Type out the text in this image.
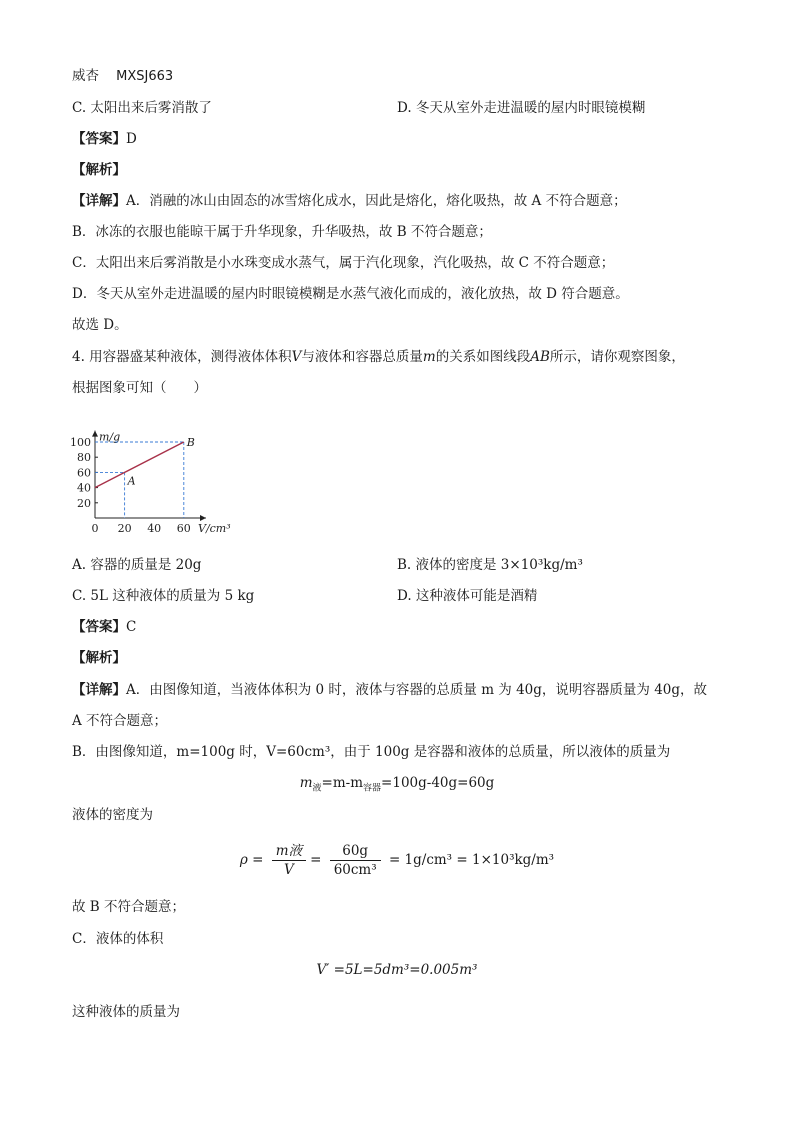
威杏 MXSJ663
C. 太阳出来后雾消散了	D. 冬天从室外走进温暖的屋内时眼镜模糊
【答案】D
【解析】
【详解】A．消融的冰山由固态的冰雪熔化成水，因此是熔化，熔化吸热，故 A 不符合题意；
B．冰冻的衣服也能晾干属于升华现象，升华吸热，故 B 不符合题意；
C．太阳出来后雾消散是小水珠变成水蒸气，属于汽化现象，汽化吸热，故 C 不符合题意；
D．冬天从室外走进温暖的屋内时眼镜模糊是水蒸气液化而成的，液化放热，故 D 符合题意。
故选 D。
4. 用容器盛某种液体，测得液体体积V与液体和容器总质量m的关系如图线段AB所示，请你观察图象，
根据图象可知（　　）
20
40
60
80
100
0 20 40 60
m/g
V/cm³
A
B
A. 容器的质量是 20g	B. 液体的密度是 3×10³kg/m³
C. 5L 这种液体的质量为 5 kg	D. 这种液体可能是酒精
【答案】C
【解析】
【详解】A．由图像知道，当液体体积为 0 时，液体与容器的总质量 m 为 40g，说明容器质量为 40g，故
A 不符合题意；
B．由图像知道，m=100g 时，V=60cm³，由于 100g 是容器和液体的总质量，所以液体的质量为
$m_液=m-m_{容器}=100g-40g=60g$
液体的密度为
$\rho = \frac{\text{m液}}{V} = \frac{60g}{\text{60cm³}} = 1g/cm^3 = 1\times 10^3kg/m^3$
故 B 不符合题意；
C．液体的体积
V′ =5L=5dm³=0.005m³
这种液体的质量为
